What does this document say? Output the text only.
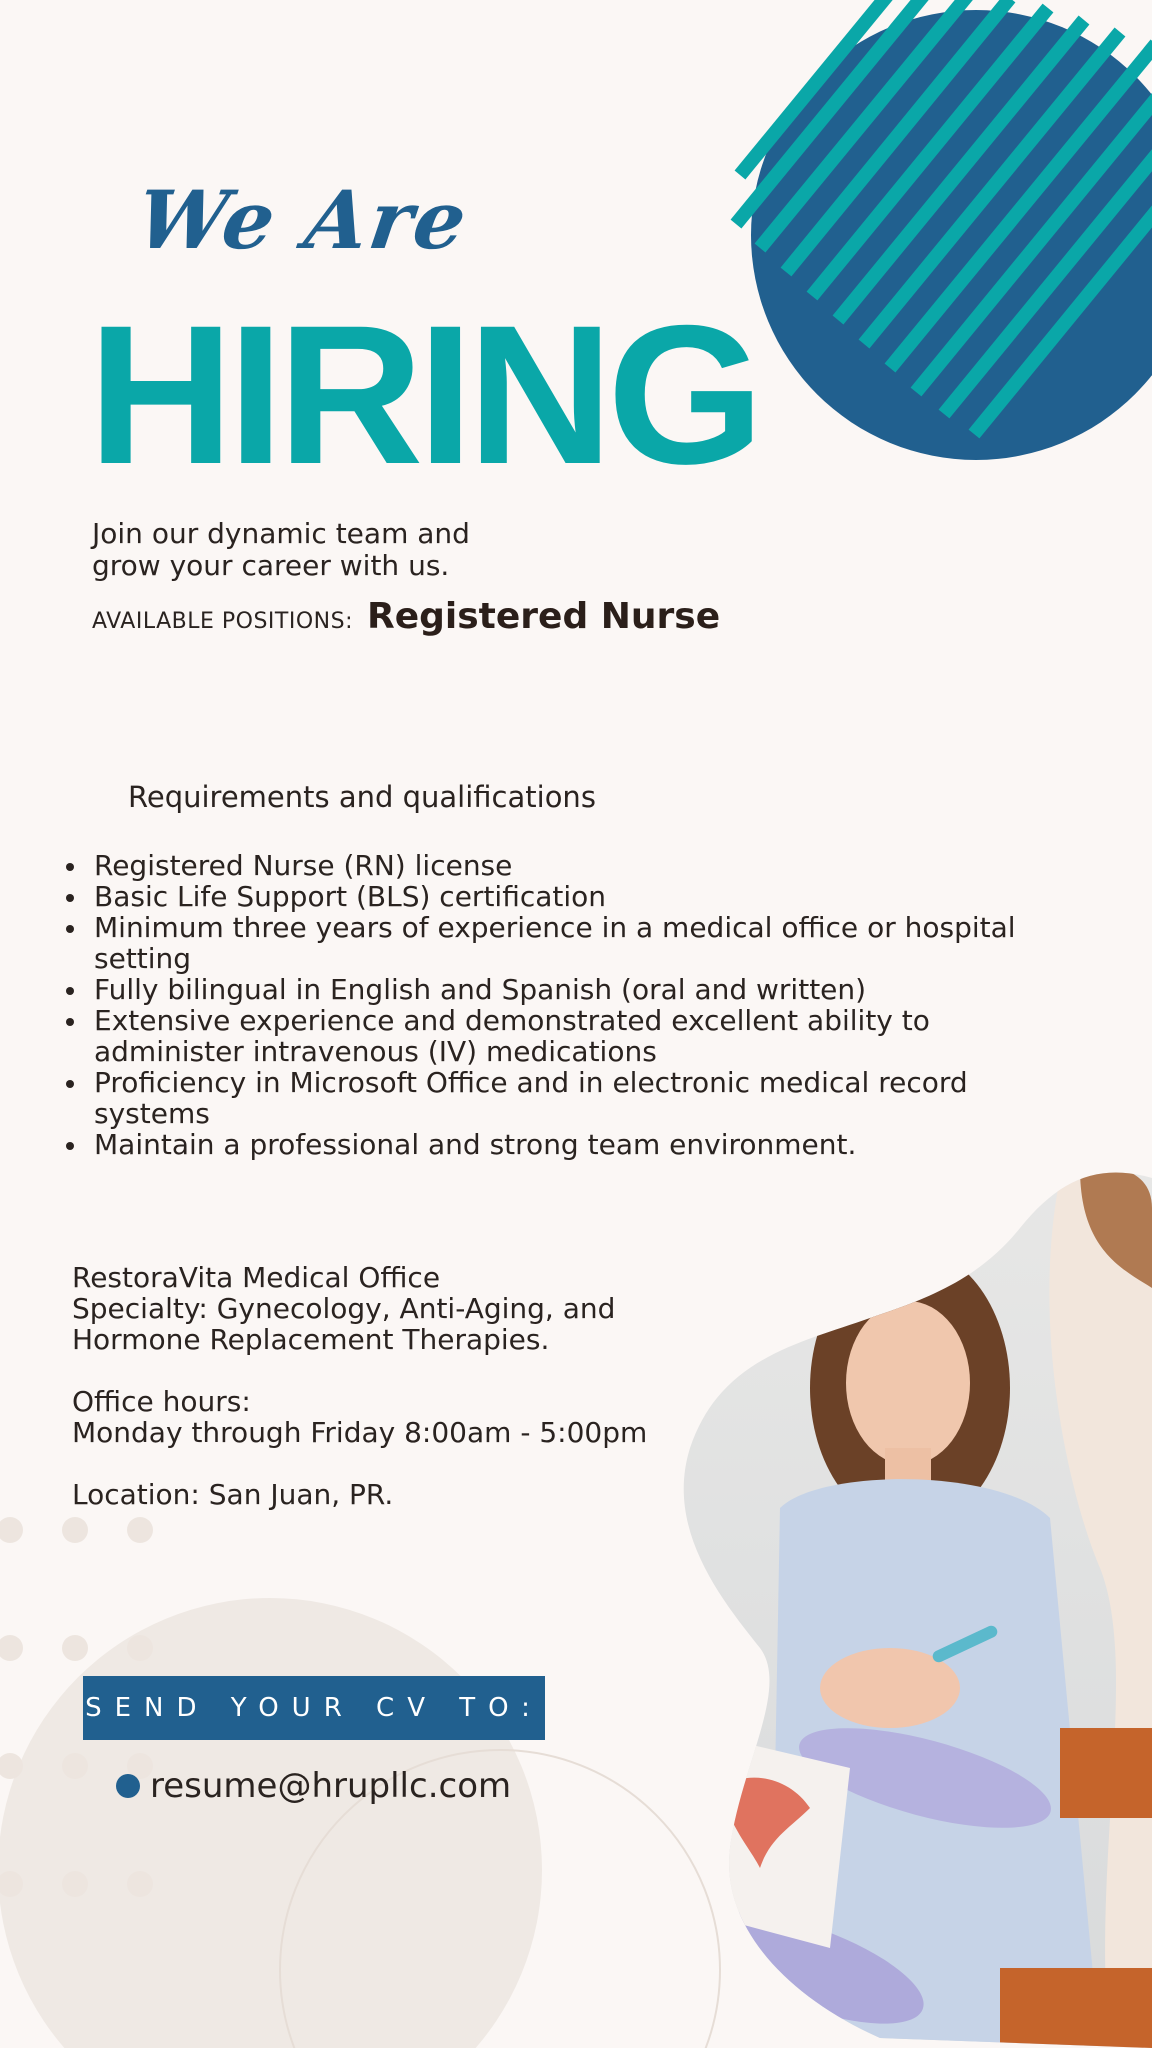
We Are
HIRING
Join our dynamic team and
grow your career with us.
AVAILABLE POSITIONS: Registered Nurse
Requirements and qualifications
Registered Nurse (RN) license
Basic Life Support (BLS) certification
Minimum three years of experience in a medical office or hospital setting
Fully bilingual in English and Spanish (oral and written)
Extensive experience and demonstrated excellent ability to administer intravenous (IV) medications
Proficiency in Microsoft Office and in electronic medical record systems
Maintain a professional and strong team environment.
RestoraVita Medical Office
Specialty: Gynecology, Anti-Aging, and
Hormone Replacement Therapies.
Office hours:
Monday through Friday 8:00am - 5:00pm
Location: San Juan, PR.
SEND YOUR CV TO:
resume@hrupllc.com
